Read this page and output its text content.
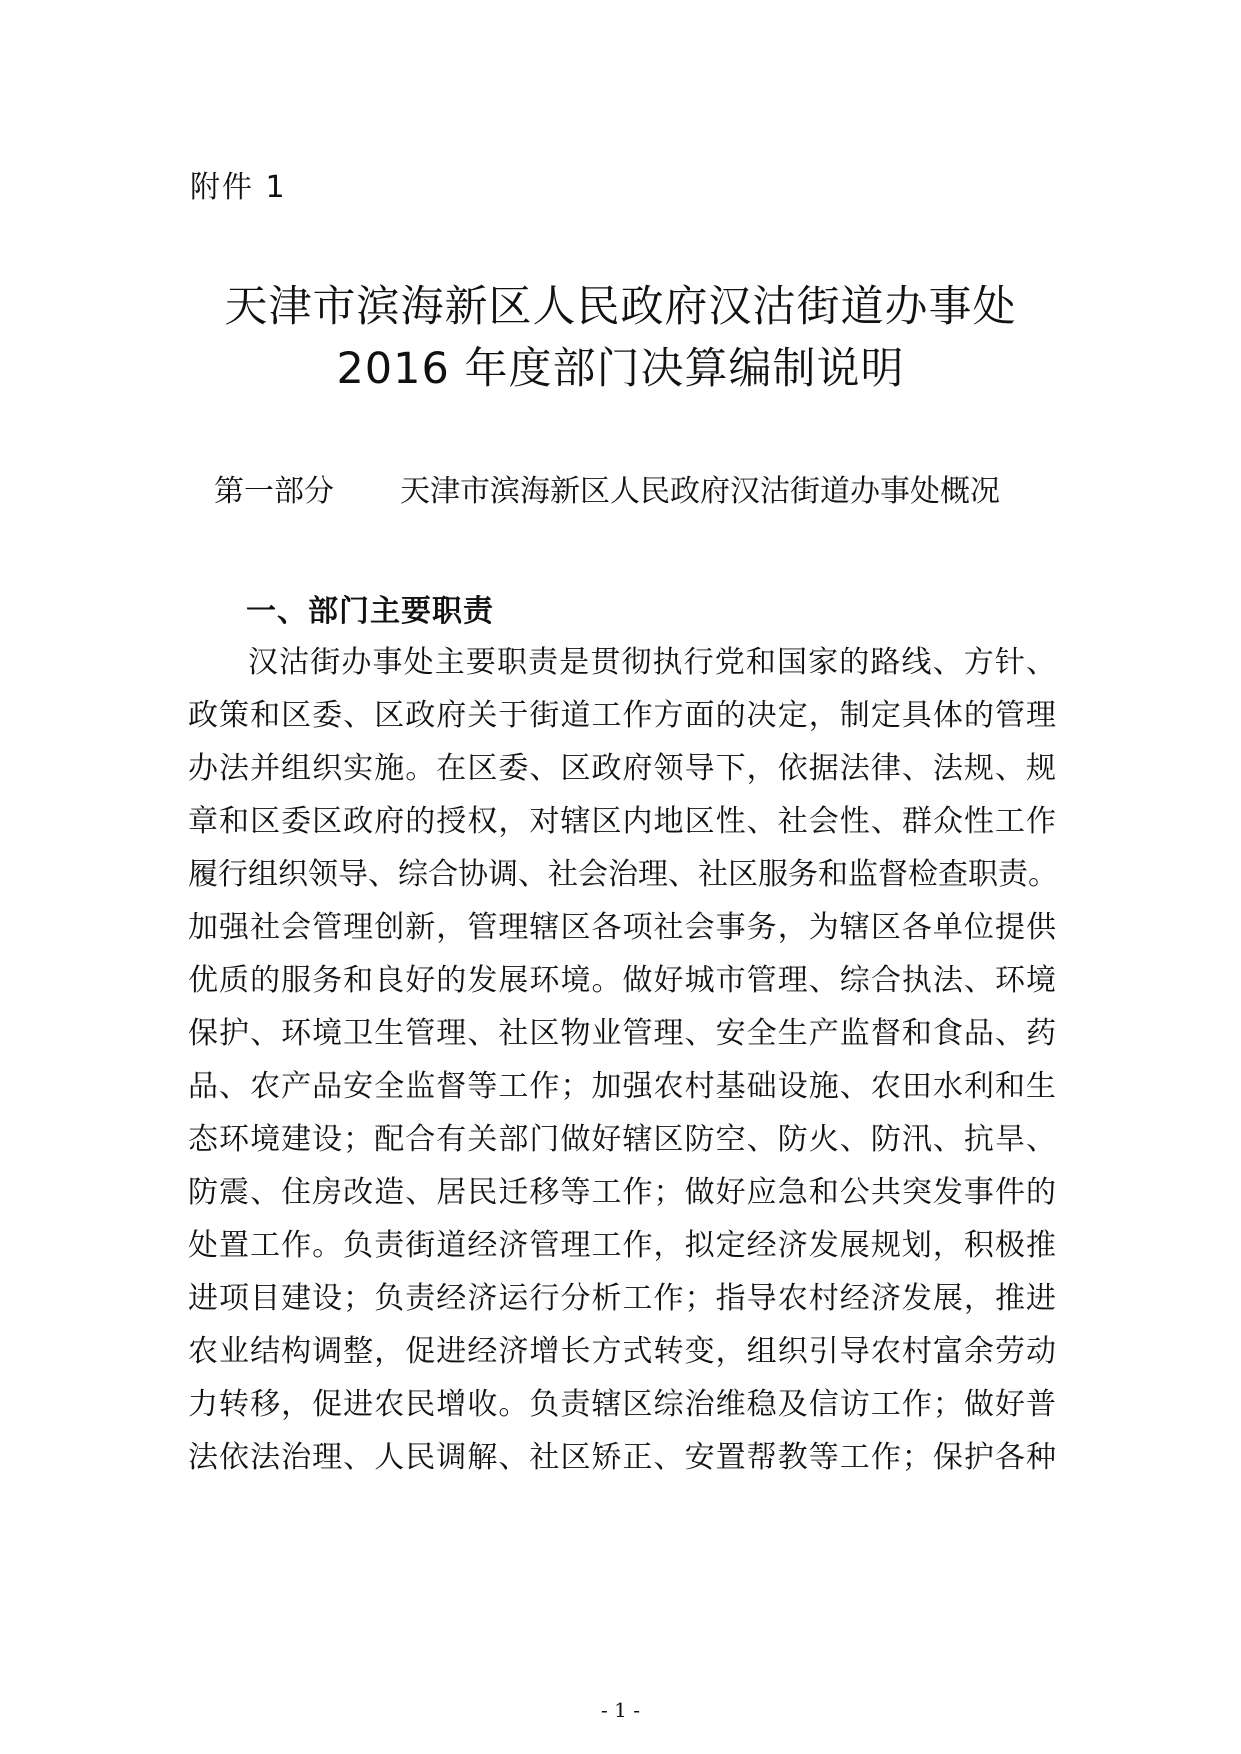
附件 1
天津市滨海新区人民政府汉沽街道办事处
2016 年度部门决算编制说明
第一部分 天津市滨海新区人民政府汉沽街道办事处概况
一、部门主要职责
汉沽街办事处主要职责是贯彻执行党和国家的路线、方针、
政策和区委、区政府关于街道工作方面的决定，制定具体的管理
办法并组织实施。在区委、区政府领导下，依据法律、法规、规
章和区委区政府的授权，对辖区内地区性、社会性、群众性工作
履行组织领导、综合协调、社会治理、社区服务和监督检查职责。
加强社会管理创新，管理辖区各项社会事务，为辖区各单位提供
优质的服务和良好的发展环境。做好城市管理、综合执法、环境
保护、环境卫生管理、社区物业管理、安全生产监督和食品、药
品、农产品安全监督等工作；加强农村基础设施、农田水利和生
态环境建设；配合有关部门做好辖区防空、防火、防汛、抗旱、
防震、住房改造、居民迁移等工作；做好应急和公共突发事件的
处置工作。负责街道经济管理工作，拟定经济发展规划，积极推
进项目建设；负责经济运行分析工作；指导农村经济发展，推进
农业结构调整，促进经济增长方式转变，组织引导农村富余劳动
力转移，促进农民增收。负责辖区综治维稳及信访工作；做好普
法依法治理、人民调解、社区矫正、安置帮教等工作；保护各种
- 1 -
